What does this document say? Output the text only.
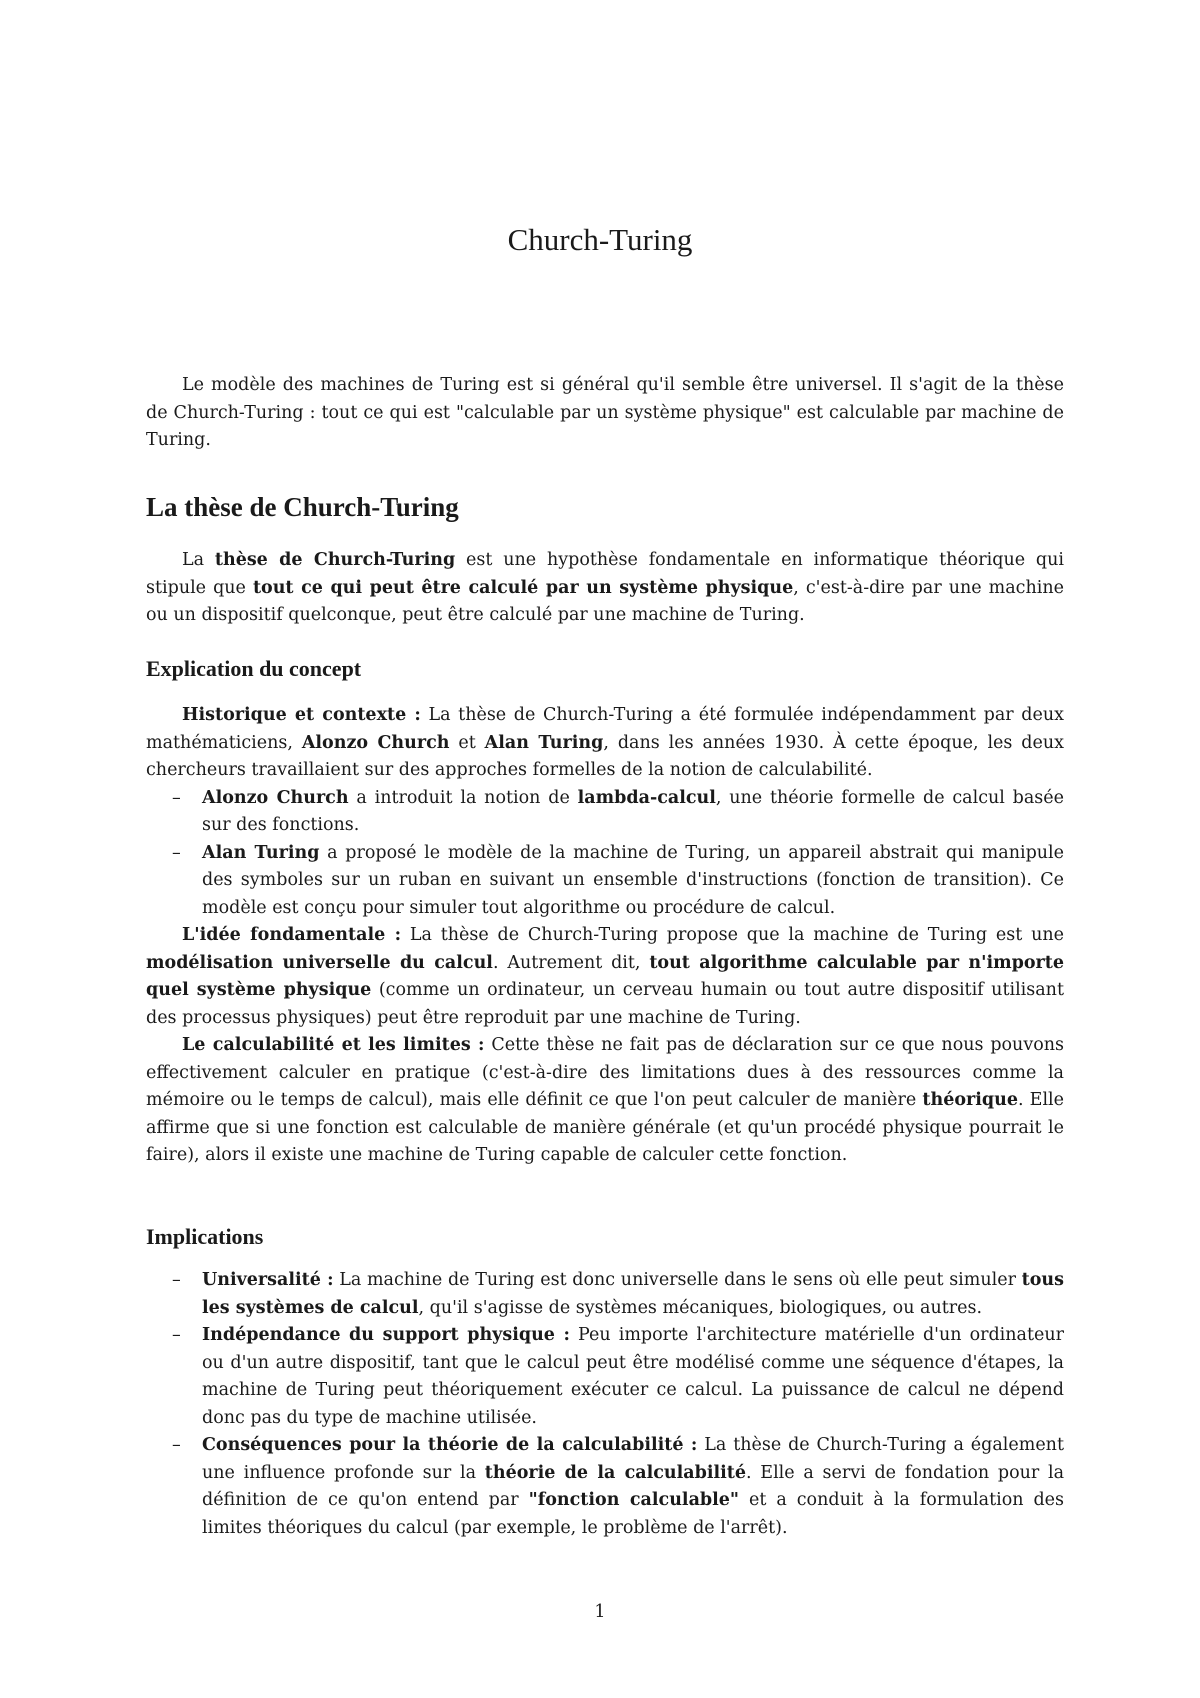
Church-Turing

Le modèle des machines de Turing est si général qu'il semble être universel. Il s'agit de la thèse de Church-Turing : tout ce qui est "calculable par un système physique" est calculable par machine de Turing.

La thèse de Church-Turing

La thèse de Church-Turing est une hypothèse fondamentale en informatique théorique qui stipule que tout ce qui peut être calculé par un système physique, c'est-à-dire par une machine ou un dispositif quelconque, peut être calculé par une machine de Turing.

Explication du concept

Historique et contexte : La thèse de Church-Turing a été formulée indépendamment par deux mathématiciens, Alonzo Church et Alan Turing, dans les années 1930. À cette époque, les deux chercheurs travaillaient sur des approches formelles de la notion de calculabilité.

– Alonzo Church a introduit la notion de lambda-calcul, une théorie formelle de calcul basée sur des fonctions.
– Alan Turing a proposé le modèle de la machine de Turing, un appareil abstrait qui manipule des symboles sur un ruban en suivant un ensemble d'instructions (fonction de transition). Ce modèle est conçu pour simuler tout algorithme ou procédure de calcul.

L'idée fondamentale : La thèse de Church-Turing propose que la machine de Turing est une modélisation universelle du calcul. Autrement dit, tout algorithme calculable par n'importe quel système physique (comme un ordinateur, un cerveau humain ou tout autre dispositif utilisant des processus physiques) peut être reproduit par une machine de Turing.

Le calculabilité et les limites : Cette thèse ne fait pas de déclaration sur ce que nous pouvons effectivement calculer en pratique (c'est-à-dire des limitations dues à des ressources comme la mémoire ou le temps de calcul), mais elle définit ce que l'on peut calculer de manière théorique. Elle affirme que si une fonction est calculable de manière générale (et qu'un procédé physique pourrait le faire), alors il existe une machine de Turing capable de calculer cette fonction.

Implications
– Universalité : La machine de Turing est donc universelle dans le sens où elle peut simuler tous les systèmes de calcul, qu'il s'agisse de systèmes mécaniques, biologiques, ou autres.
– Indépendance du support physique : Peu importe l'architecture matérielle d'un ordinateur ou d'un autre dispositif, tant que le calcul peut être modélisé comme une séquence d'étapes, la machine de Turing peut théoriquement exécuter ce calcul. La puissance de calcul ne dépend donc pas du type de machine utilisée.
– Conséquences pour la théorie de la calculabilité : La thèse de Church-Turing a également une influence profonde sur la théorie de la calculabilité. Elle a servi de fondation pour la définition de ce qu'on entend par "fonction calculable" et a conduit à la formulation des limites théoriques du calcul (par exemple, le problème de l'arrêt).

1
